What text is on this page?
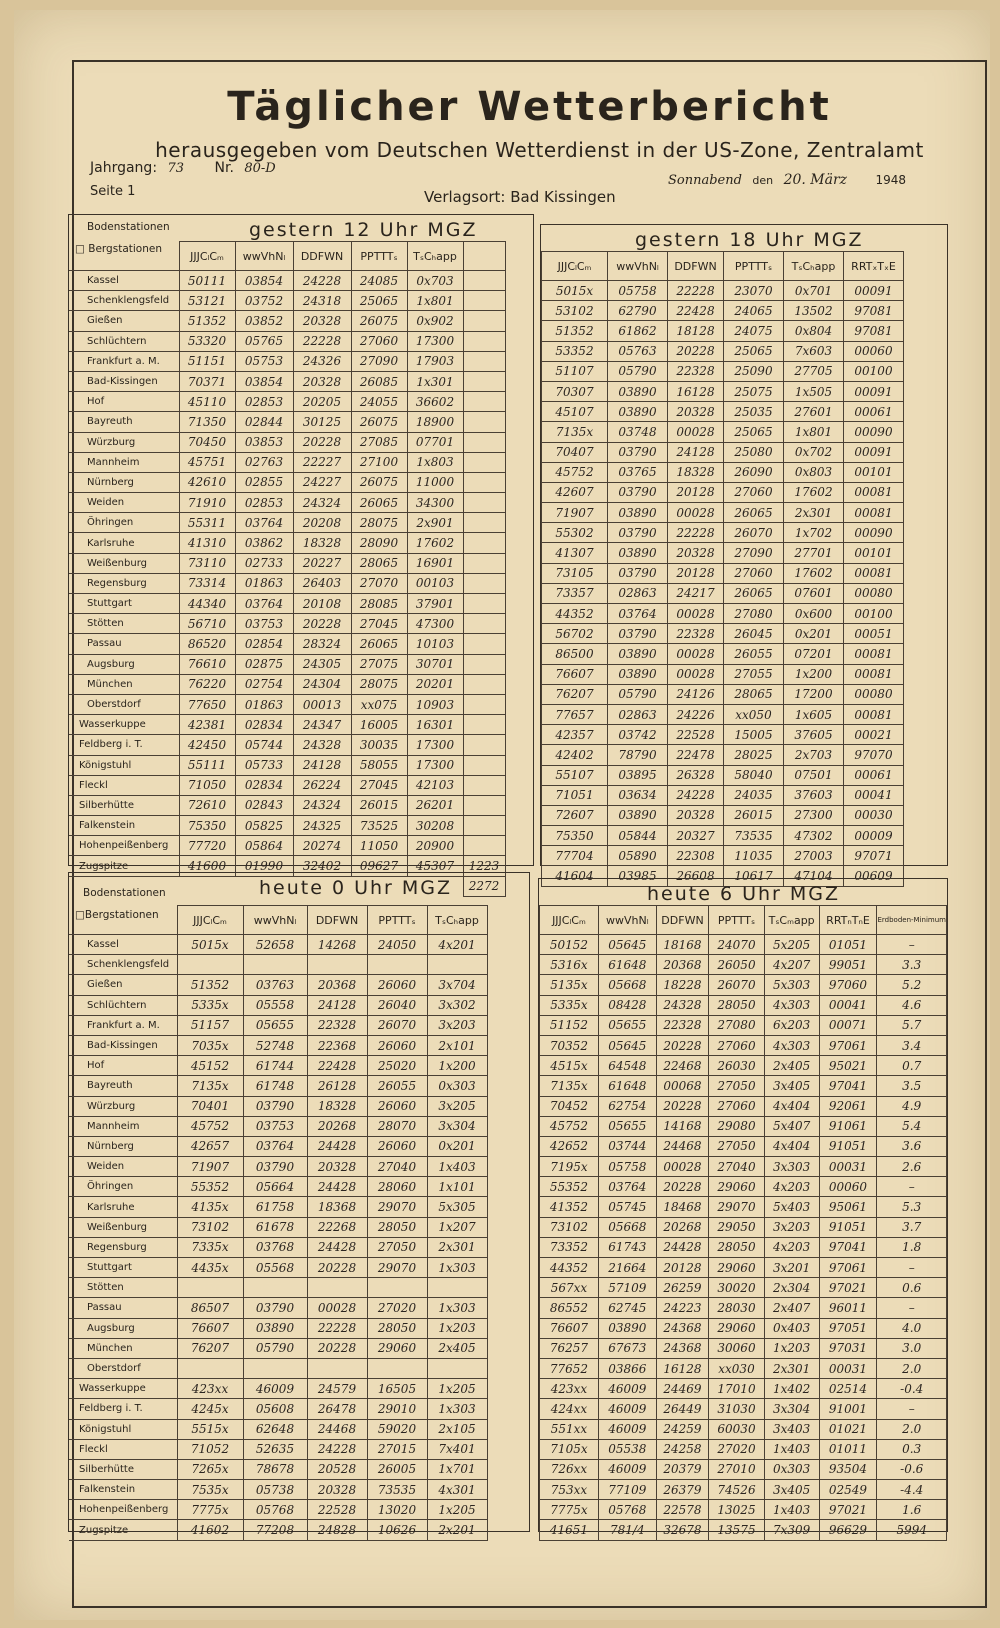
Täglicher Wetterbericht
herausgegeben vom Deutschen Wetterdienst in der US-Zone, Zentralamt
Jahrgang: 73 Nr. 80-D
Seite 1	Verlagsort: Bad Kissingen
Sonnabend den 20. März 1948
Bodenstationen
□ Bergstationen
gestern 12 Uhr MGZ
	JJJCₗCₘ	wwVhNₗ	DDFWN	PPTTTₛ	TₛCₕapp	
Kassel	50111	03854	24228	24085	0x703	
Schenklengsfeld	53121	03752	24318	25065	1x801	
Gießen	51352	03852	20328	26075	0x902	
Schlüchtern	53320	05765	22228	27060	17300	
Frankfurt a. M.	51151	05753	24326	27090	17903	
Bad-Kissingen	70371	03854	20328	26085	1x301	
Hof	45110	02853	20205	24055	36602	
Bayreuth	71350	02844	30125	26075	18900	
Würzburg	70450	03853	20228	27085	07701	
Mannheim	45751	02763	22227	27100	1x803	
Nürnberg	42610	02855	24227	26075	11000	
Weiden	71910	02853	24324	26065	34300	
Öhringen	55311	03764	20208	28075	2x901	
Karlsruhe	41310	03862	18328	28090	17602	
Weißenburg	73110	02733	20227	28065	16901	
Regensburg	73314	01863	26403	27070	00103	
Stuttgart	44340	03764	20108	28085	37901	
Stötten	56710	03753	20228	27045	47300	
Passau	86520	02854	28324	26065	10103	
Augsburg	76610	02875	24305	27075	30701	
München	76220	02754	24304	28075	20201	
Oberstdorf	77650	01863	00013	xx075	10903	
Wasserkuppe	42381	02834	24347	16005	16301	
Feldberg i. T.	42450	05744	24328	30035	17300	
Königstuhl	55111	05733	24128	58055	17300	
Fleckl	71050	02834	26224	27045	42103	
Silberhütte	72610	02843	24324	26015	26201	
Falkenstein	75350	05825	24325	73525	30208	
Hohenpeißenberg	77720	05864	20274	11050	20900	
Zugspitze	41600	01990	32402	09627	45307	1223
						2272
gestern 18 Uhr MGZ
JJJCₗCₘ	wwVhNₗ	DDFWN	PPTTTₛ	TₛCₕapp	RRTₓTₓE
5015x	05758	22228	23070	0x701	00091
53102	62790	22428	24065	13502	97081
51352	61862	18128	24075	0x804	97081
53352	05763	20228	25065	7x603	00060
51107	05790	22328	25090	27705	00100
70307	03890	16128	25075	1x505	00091
45107	03890	20328	25035	27601	00061
7135x	03748	00028	25065	1x801	00090
70407	03790	24128	25080	0x702	00091
45752	03765	18328	26090	0x803	00101
42607	03790	20128	27060	17602	00081
71907	03890	00028	26065	2x301	00081
55302	03790	22228	26070	1x702	00090
41307	03890	20328	27090	27701	00101
73105	03790	20128	27060	17602	00081
73357	02863	24217	26065	07601	00080
44352	03764	00028	27080	0x600	00100
56702	03790	22328	26045	0x201	00051
86500	03890	00028	26055	07201	00081
76607	03890	00028	27055	1x200	00081
76207	05790	24126	28065	17200	00080
77657	02863	24226	xx050	1x605	00081
42357	03742	22528	15005	37605	00021
42402	78790	22478	28025	2x703	97070
55107	03895	26328	58040	07501	00061
71051	03634	24228	24035	37603	00041
72607	03890	20328	26015	27300	00030
75350	05844	20327	73535	47302	00009
77704	05890	22308	11035	27003	97071
41604	03985	26608	10617	47104	00609
Bodenstationen
□Bergstationen
heute 0 Uhr MGZ
	JJJCₗCₘ	wwVhNₗ	DDFWN	PPTTTₛ	TₛCₕapp
Kassel	5015x	52658	14268	24050	4x201
Schenklengsfeld					
Gießen	51352	03763	20368	26060	3x704
Schlüchtern	5335x	05558	24128	26040	3x302
Frankfurt a. M.	51157	05655	22328	26070	3x203
Bad-Kissingen	7035x	52748	22368	26060	2x101
Hof	45152	61744	22428	25020	1x200
Bayreuth	7135x	61748	26128	26055	0x303
Würzburg	70401	03790	18328	26060	3x205
Mannheim	45752	03753	20268	28070	3x304
Nürnberg	42657	03764	24428	26060	0x201
Weiden	71907	03790	20328	27040	1x403
Öhringen	55352	05664	24428	28060	1x101
Karlsruhe	4135x	61758	18368	29070	5x305
Weißenburg	73102	61678	22268	28050	1x207
Regensburg	7335x	03768	24428	27050	2x301
Stuttgart	4435x	05568	20228	29070	1x303
Stötten					
Passau	86507	03790	00028	27020	1x303
Augsburg	76607	03890	22228	28050	1x203
München	76207	05790	20228	29060	2x405
Oberstdorf					
Wasserkuppe	423xx	46009	24579	16505	1x205
Feldberg i. T.	4245x	05608	26478	29010	1x303
Königstuhl	5515x	62648	24468	59020	2x105
Fleckl	71052	52635	24228	27015	7x401
Silberhütte	7265x	78678	20528	26005	1x701
Falkenstein	7535x	05738	20328	73535	4x301
Hohenpeißenberg	7775x	05768	22528	13020	1x205
Zugspitze	41602	77208	24828	10626	2x201
heute 6 Uhr MGZ
JJJCₗCₘ	wwVhNₗ	DDFWN	PPTTTₛ	TₛCₘapp	RRTₙTₙE	Erdboden-Minimum
50152	05645	18168	24070	5x205	01051	–
5316x	61648	20368	26050	4x207	99051	3.3
5135x	05668	18228	26070	5x303	97060	5.2
5335x	08428	24328	28050	4x303	00041	4.6
51152	05655	22328	27080	6x203	00071	5.7
70352	05645	20228	27060	4x303	97061	3.4
4515x	64548	22468	26030	2x405	95021	0.7
7135x	61648	00068	27050	3x405	97041	3.5
70452	62754	20228	27060	4x404	92061	4.9
45752	05655	14168	29080	5x407	91061	5.4
42652	03744	24468	27050	4x404	91051	3.6
7195x	05758	00028	27040	3x303	00031	2.6
55352	03764	20228	29060	4x203	00060	–
41352	05745	18468	29070	5x403	95061	5.3
73102	05668	20268	29050	3x203	91051	3.7
73352	61743	24428	28050	4x203	97041	1.8
44352	21664	20128	29060	3x201	97061	–
567xx	57109	26259	30020	2x304	97021	0.6
86552	62745	24223	28030	2x407	96011	–
76607	03890	24368	29060	0x403	97051	4.0
76257	67673	24368	30060	1x203	97031	3.0
77652	03866	16128	xx030	2x301	00031	2.0
423xx	46009	24469	17010	1x402	02514	-0.4
424xx	46009	26449	31030	3x304	91001	–
551xx	46009	24259	60030	3x403	01021	2.0
7105x	05538	24258	27020	1x403	01011	0.3
726xx	46009	20379	27010	0x303	93504	-0.6
753xx	77109	26379	74526	3x405	02549	-4.4
7775x	05768	22578	13025	1x403	97021	1.6
41651	781/4	32678	13575	7x309	96629	5994
